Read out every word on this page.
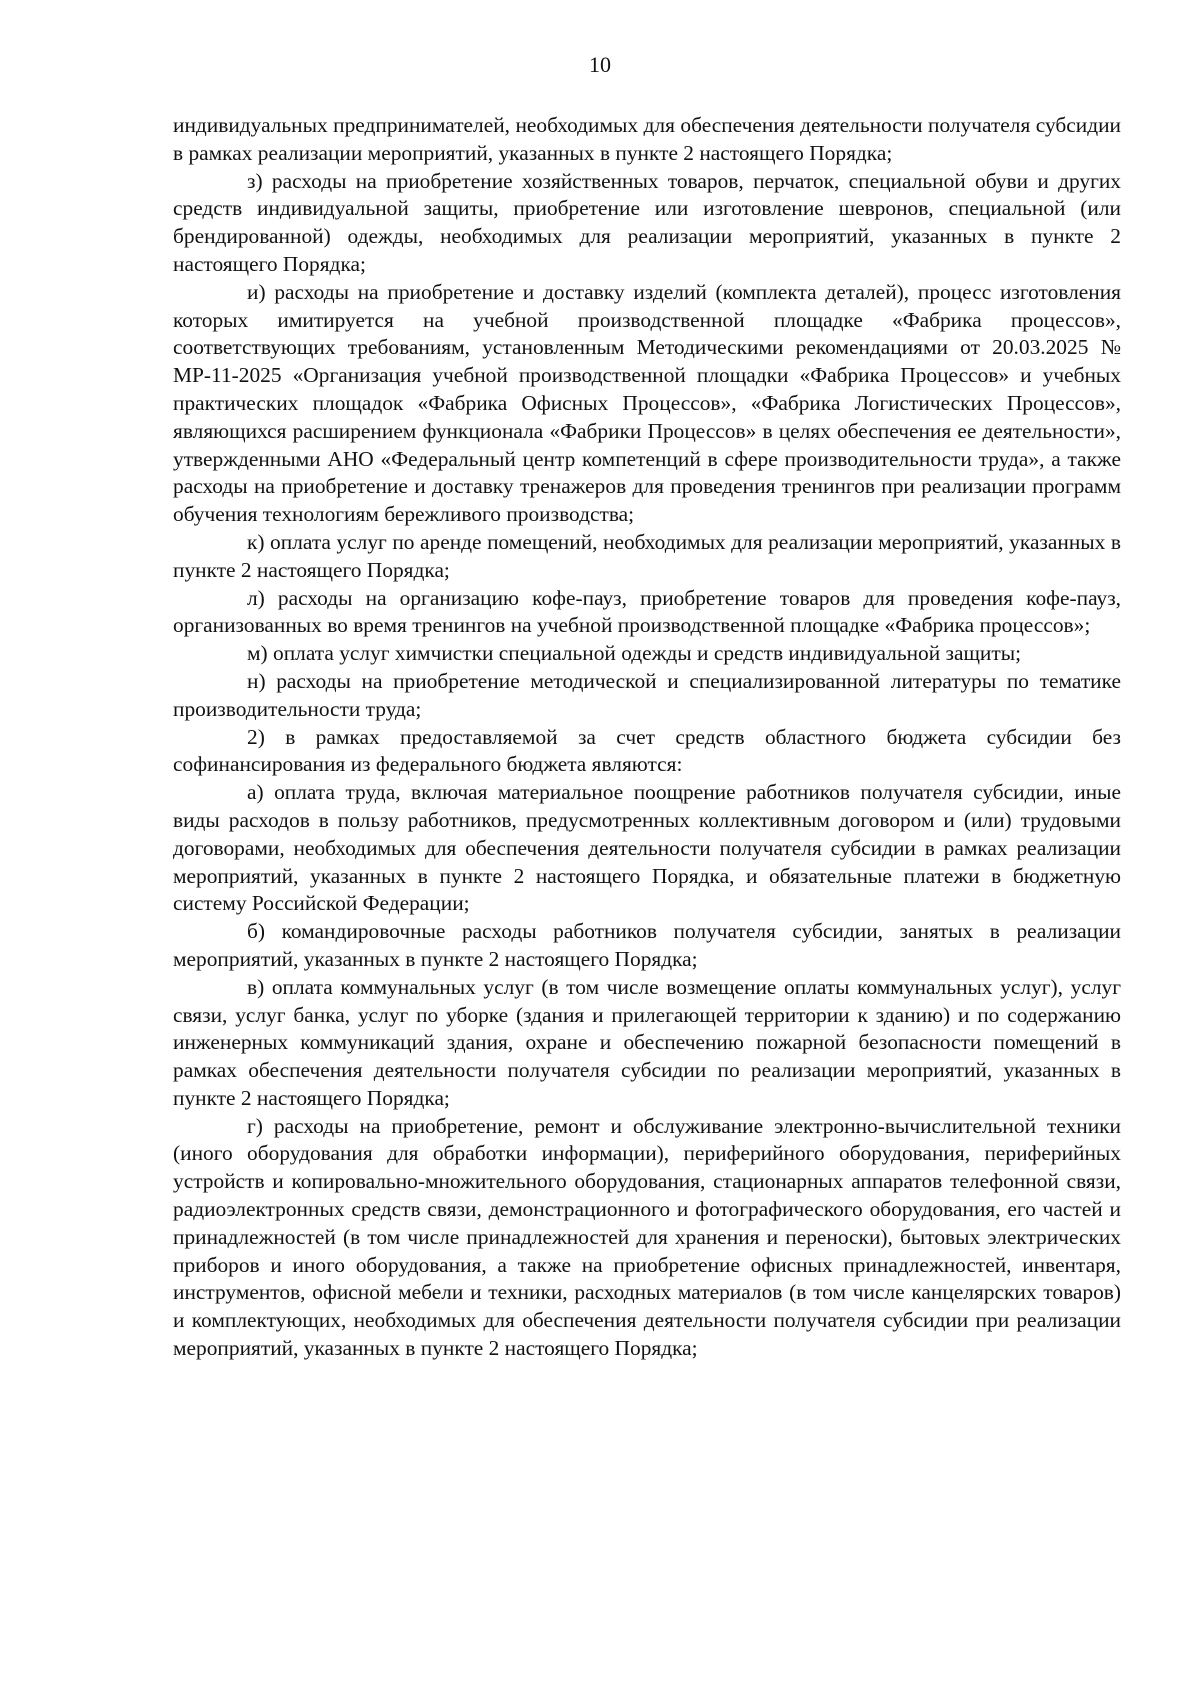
10

индивидуальных предпринимателей, необходимых для обеспечения деятельности получателя субсидии в рамках реализации мероприятий, указанных в пункте 2 настоящего Порядка;

з) расходы на приобретение хозяйственных товаров, перчаток, специальной обуви и других средств индивидуальной защиты, приобретение или изготовление шевронов, специальной (или брендированной) одежды, необходимых для реализации мероприятий, указанных в пункте 2 настоящего Порядка;

и) расходы на приобретение и доставку изделий (комплекта деталей), процесс изготовления которых имитируется на учебной производственной площадке «Фабрика процессов», соответствующих требованиям, установленным Методическими рекомендациями от 20.03.2025 № МР-11-2025 «Организация учебной производственной площадки «Фабрика Процессов» и учебных практических площадок «Фабрика Офисных Процессов», «Фабрика Логистических Процессов», являющихся расширением функционала «Фабрики Процессов» в целях обеспечения ее деятельности», утвержденными АНО «Федеральный центр компетенций в сфере производительности труда», а также расходы на приобретение и доставку тренажеров для проведения тренингов при реализации программ обучения технологиям бережливого производства;

к) оплата услуг по аренде помещений, необходимых для реализации мероприятий, указанных в пункте 2 настоящего Порядка;

л) расходы на организацию кофе-пауз, приобретение товаров для проведения кофе-пауз, организованных во время тренингов на учебной производственной площадке «Фабрика процессов»;

м) оплата услуг химчистки специальной одежды и средств индивидуальной защиты;

н) расходы на приобретение методической и специализированной литературы по тематике производительности труда;

2) в рамках предоставляемой за счет средств областного бюджета субсидии без софинансирования из федерального бюджета являются:

а) оплата труда, включая материальное поощрение работников получателя субсидии, иные виды расходов в пользу работников, предусмотренных коллективным договором и (или) трудовыми договорами, необходимых для обеспечения деятельности получателя субсидии в рамках реализации мероприятий, указанных в пункте 2 настоящего Порядка, и обязательные платежи в бюджетную систему Российской Федерации;

б) командировочные расходы работников получателя субсидии, занятых в реализации мероприятий, указанных в пункте 2 настоящего Порядка;

в) оплата коммунальных услуг (в том числе возмещение оплаты коммунальных услуг), услуг связи, услуг банка, услуг по уборке (здания и прилегающей территории к зданию) и по содержанию инженерных коммуникаций здания, охране и обеспечению пожарной безопасности помещений в рамках обеспечения деятельности получателя субсидии по реализации мероприятий, указанных в пункте 2 настоящего Порядка;

г) расходы на приобретение, ремонт и обслуживание электронно-вычислительной техники (иного оборудования для обработки информации), периферийного оборудования, периферийных устройств и копировально-множительного оборудования, стационарных аппаратов телефонной связи, радиоэлектронных средств связи, демонстрационного и фотографического оборудования, его частей и принадлежностей (в том числе принадлежностей для хранения и переноски), бытовых электрических приборов и иного оборудования, а также на приобретение офисных принадлежностей, инвентаря, инструментов, офисной мебели и техники, расходных материалов (в том числе канцелярских товаров) и комплектующих, необходимых для обеспечения деятельности получателя субсидии при реализации мероприятий, указанных в пункте 2 настоящего Порядка;
